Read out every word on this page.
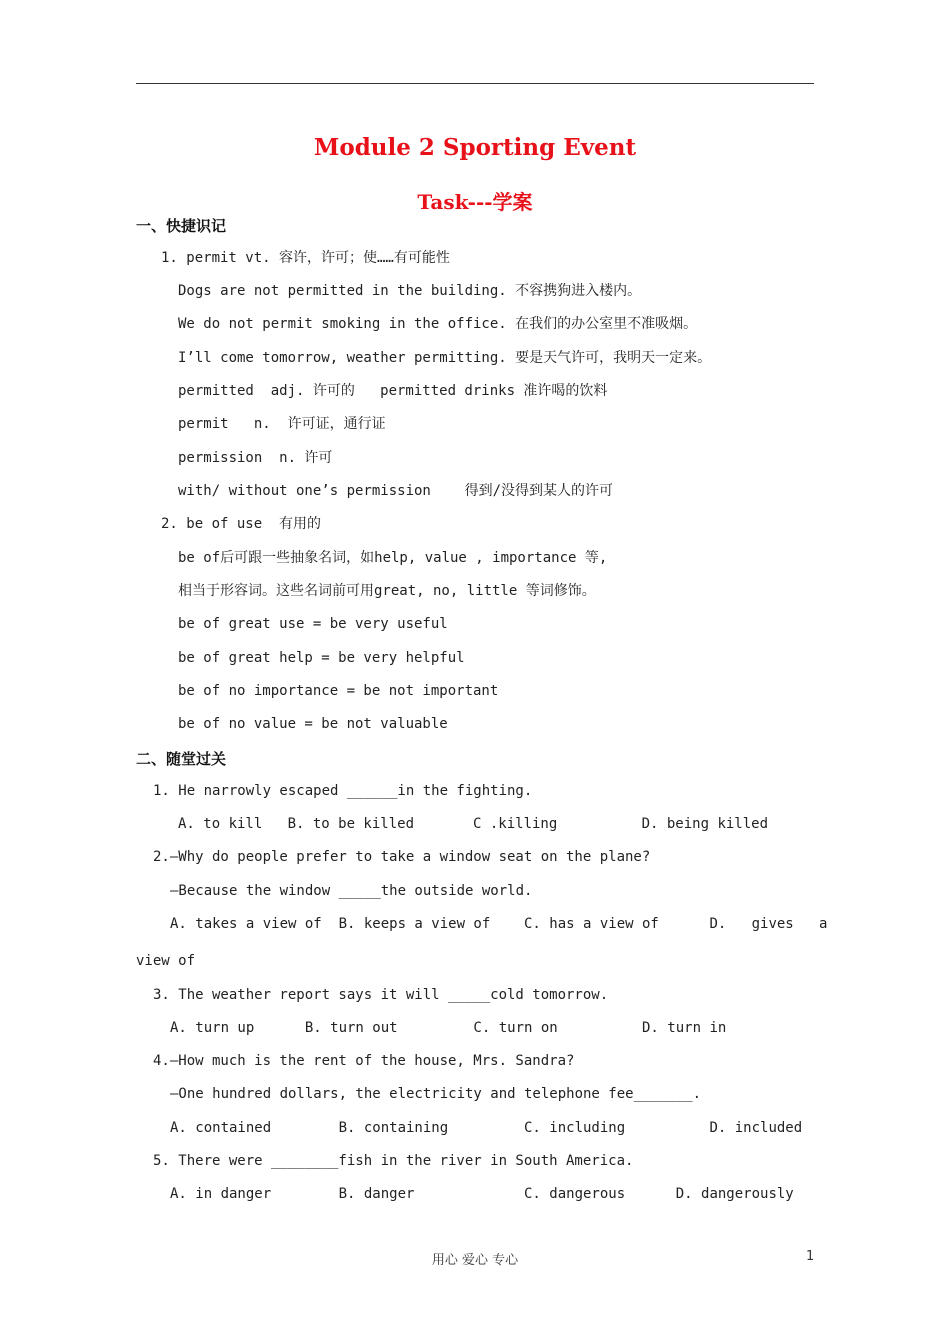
Module 2 Sporting Event
Task---学案
一、快捷识记
1. permit vt. 容许，许可；使……有可能性
Dogs are not permitted in the building. 不容携狗进入楼内。
We do not permit smoking in the office. 在我们的办公室里不准吸烟。
I’ll come tomorrow, weather permitting. 要是天气许可，我明天一定来。
permitted  adj. 许可的   permitted drinks 准许喝的饮料
permit   n.  许可证，通行证
permission  n. 许可
with/ without one’s permission    得到/没得到某人的许可
2. be of use  有用的
be of后可跟一些抽象名词，如help, value , importance 等,
相当于形容词。这些名词前可用great, no, little 等词修饰。
be of great use = be very useful
be of great help = be very helpful
be of no importance = be not important
be of no value = be not valuable
二、随堂过关
1. He narrowly escaped ______in the fighting.
A. to kill   B. to be killed       C .killing          D. being killed
2.—Why do people prefer to take a window seat on the plane?
—Because the window _____the outside world.
A. takes a view of  B. keeps a view of    C. has a view of      D.   gives   a
view of
3. The weather report says it will _____cold tomorrow.
A. turn up      B. turn out         C. turn on          D. turn in
4.—How much is the rent of the house, Mrs. Sandra?
—One hundred dollars, the electricity and telephone fee_______.
A. contained        B. containing         C. including          D. included
5. There were ________fish in the river in South America.
A. in danger        B. danger             C. dangerous      D. dangerously
用心 爱心 专心	1
